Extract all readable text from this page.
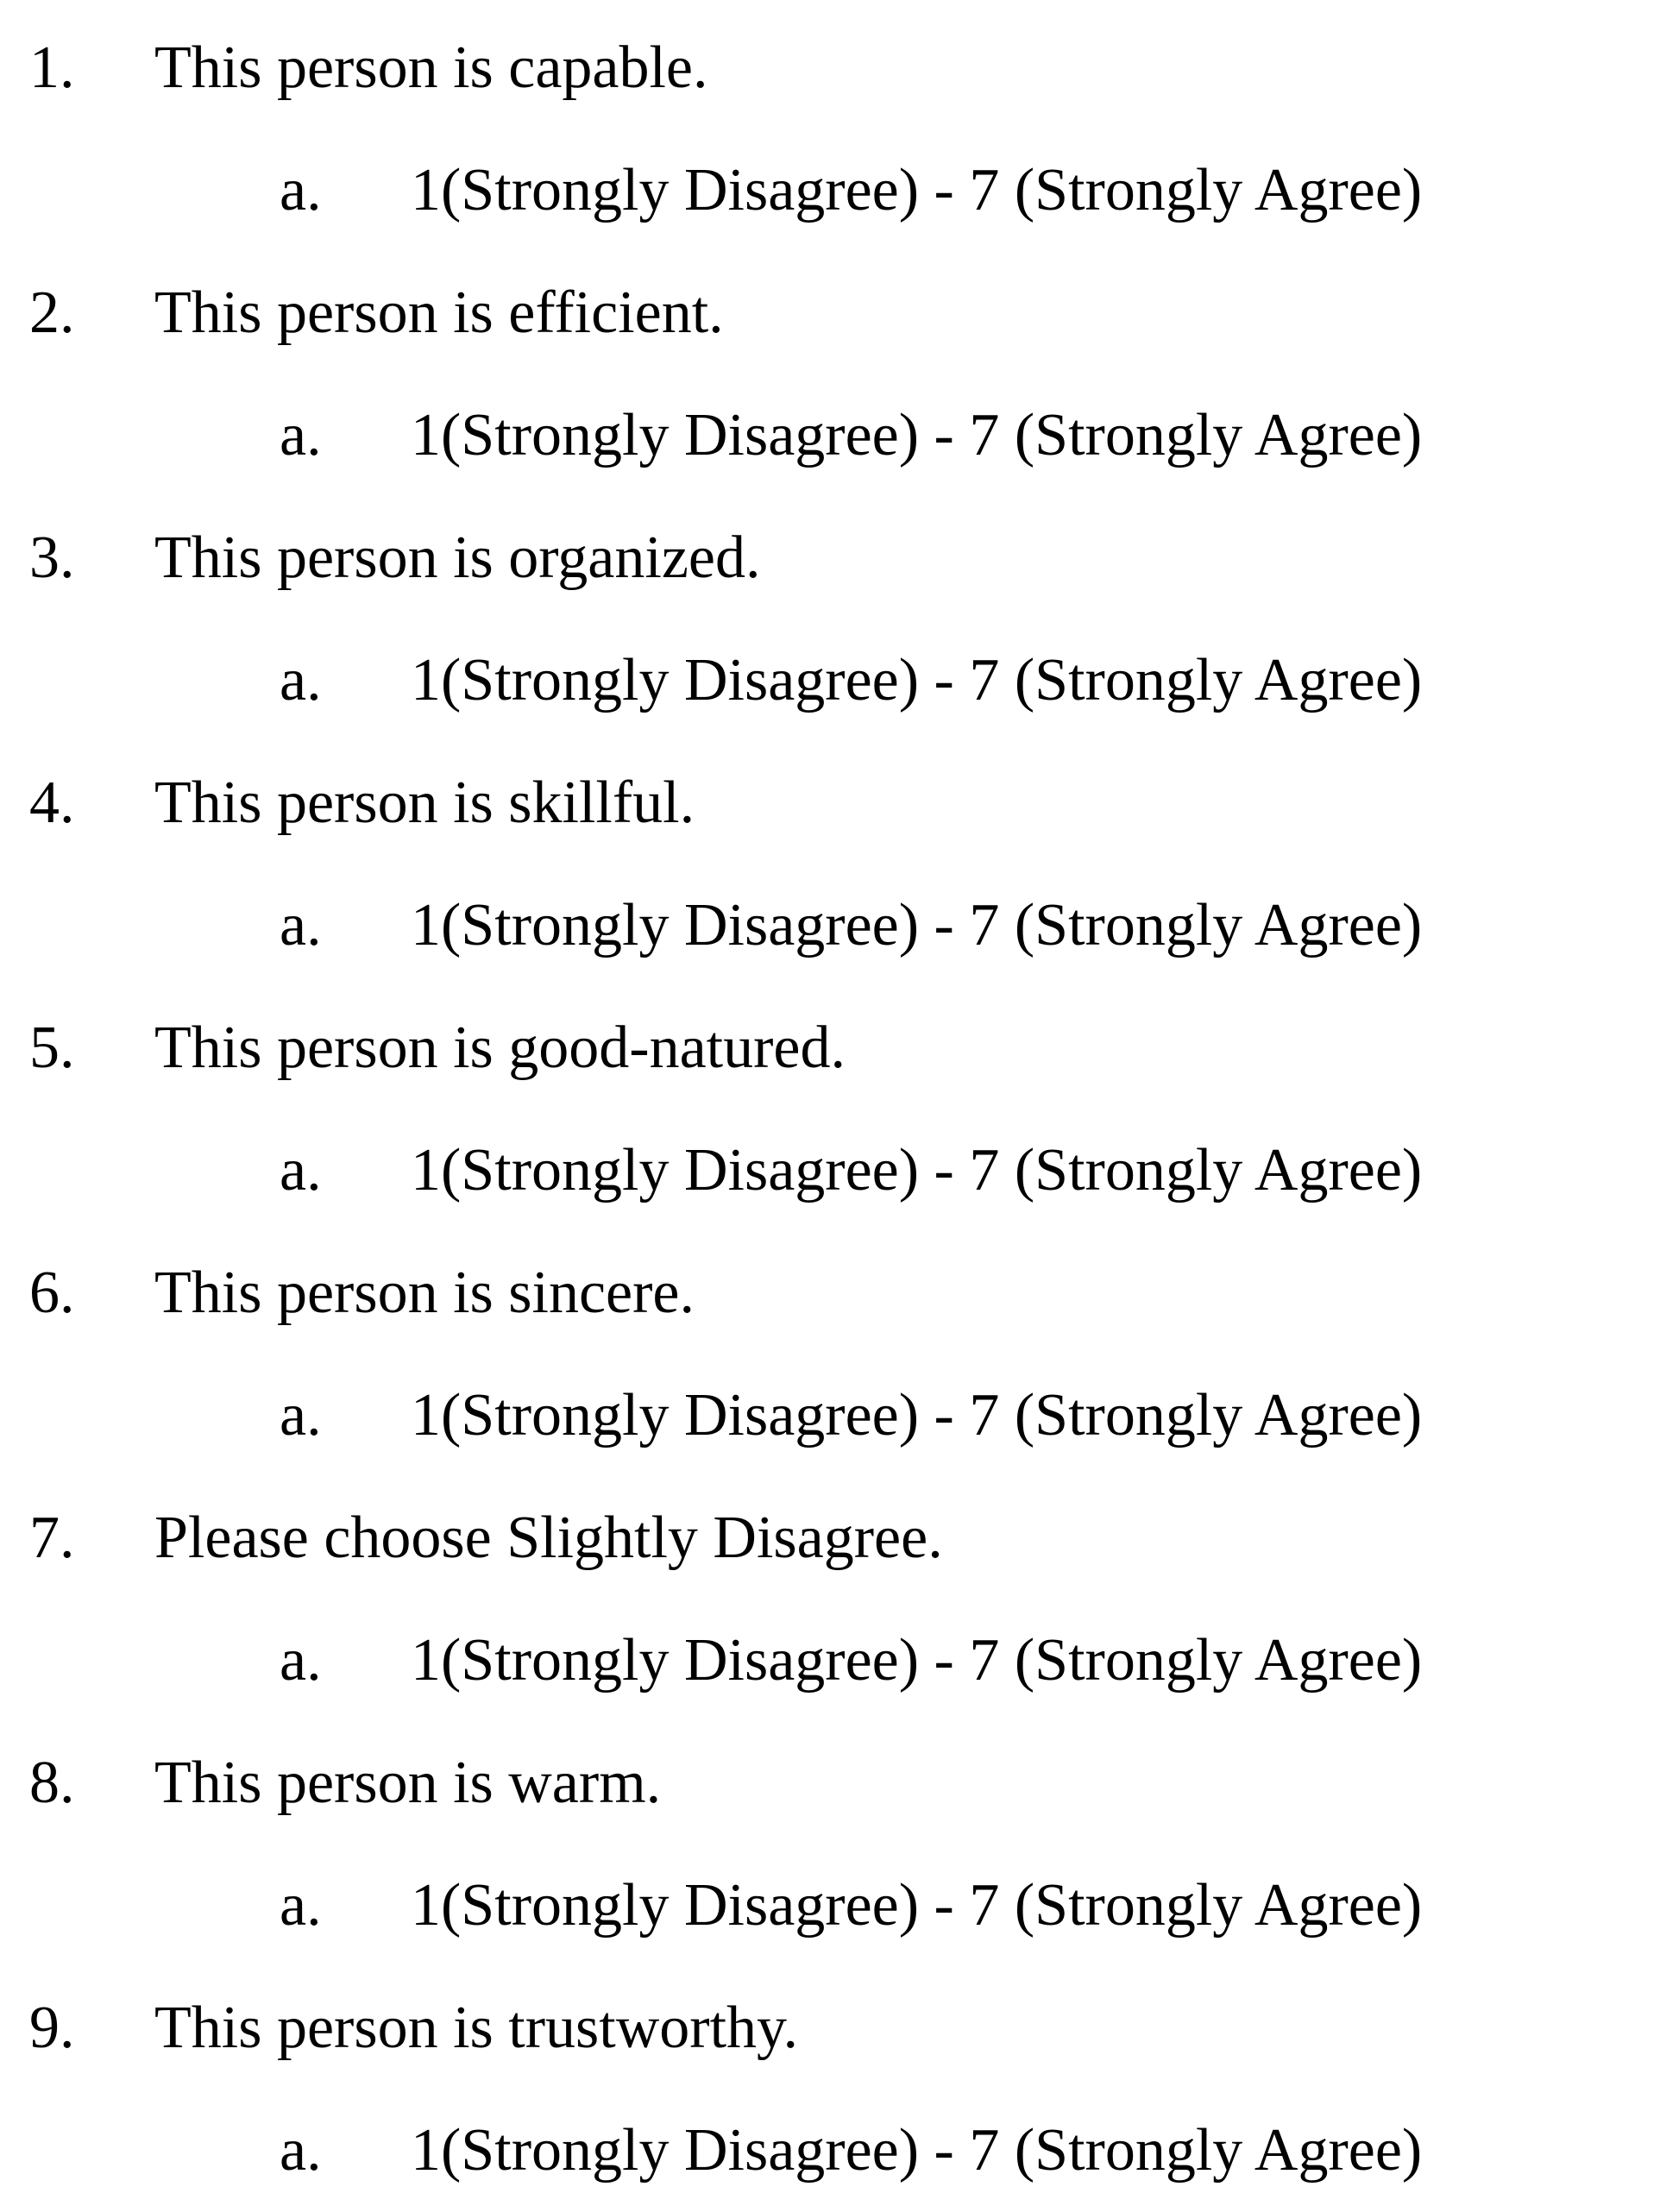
1. This person is capable.
a. 1(Strongly Disagree) - 7 (Strongly Agree)
2. This person is efficient.
a. 1(Strongly Disagree) - 7 (Strongly Agree)
3. This person is organized.
a. 1(Strongly Disagree) - 7 (Strongly Agree)
4. This person is skillful.
a. 1(Strongly Disagree) - 7 (Strongly Agree)
5. This person is good-natured.
a. 1(Strongly Disagree) - 7 (Strongly Agree)
6. This person is sincere.
a. 1(Strongly Disagree) - 7 (Strongly Agree)
7. Please choose Slightly Disagree.
a. 1(Strongly Disagree) - 7 (Strongly Agree)
8. This person is warm.
a. 1(Strongly Disagree) - 7 (Strongly Agree)
9. This person is trustworthy.
a. 1(Strongly Disagree) - 7 (Strongly Agree)
